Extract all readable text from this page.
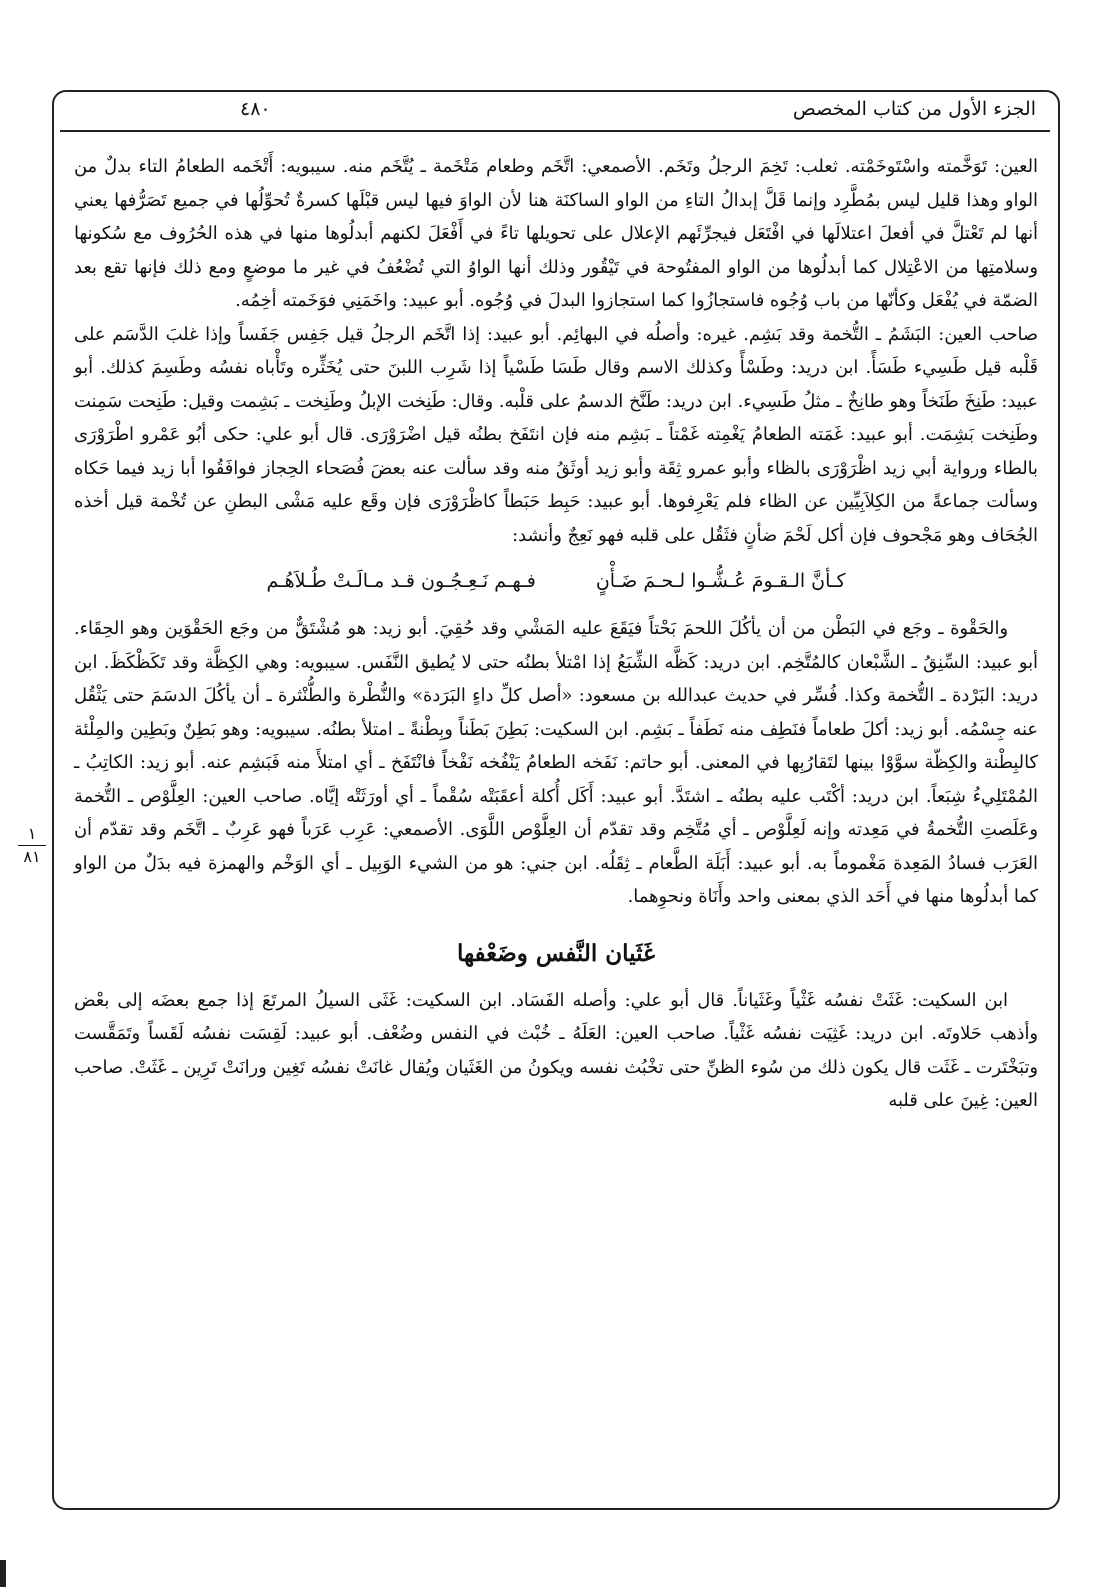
الجزء الأول من كتاب المخصص
٤٨٠
١
٨١

العين: تَوَخَّمته واسْتَوخَمْته. ثعلب: تَخِمَ الرجلُ وتَخَم. الأصمعي: اتَّخَم وطعام مَتْخَمة ـ يُتَّخَم منه. سيبويه: أَتْخَمه الطعامُ التاء بدلٌ من الواو وهذا قليل ليس بمُطَّرِد وإنما قَلَّ إبدالُ التاءِ من الواو الساكنَة هنا لأن الواوَ فيها ليس قبْلَها كسرةٌ تُحوِّلُها في جميع تَصَرُّفها يعني أنها لم تَعْتلَّ في أفعلَ اعتلالَها في افْتَعَل فيجرِّئَهم الإعلال على تحويلها تاءً في أَفْعَلَ لكنهم أبدلُوها منها في هذه الحُرُوف مع سُكونها وسلامتِها من الاعْتِلال كما أبدلُوها من الواو المفتُوحة في تَيْقُور وذلك أنها الواوُ التي تُضْعُفُ في غير ما موضعٍ ومع ذلك فإنها تقع بعد الضمّة في يُفْعَل وكأنّها من باب وُجُوه فاستجازُوا كما استجازوا البدلَ في وُجُوه. أبو عبيد: واخَمَنِي فوَخَمته أخِمُه.

صاحب العين: البَشَمُ ـ التُّخمة وقد بَشِم. غيره: وأصلُه في البهائِم. أبو عبيد: إذا اتَّخَم الرجلُ قيل جَفِس جَفَساً وإذا غلبَ الدَّسَم على قَلْبه قيل طَسِيء طَسَأً. ابن دريد: وطَسْأً وكذلك الاسم وقال طَسَا طَسْياً إذا شَرِب اللبنَ حتى يُخَثِّره وتَأْباه نفسُه وطَسِمَ كذلك. أبو عبيد: طَنِخَ طَنَخاً وهو طانِخٌ ـ مثلُ طَسِيء. ابن دريد: طَنَّخ الدسمُ على قلْبه. وقال: طَنِخت الإبلُ وطَنِخت ـ بَشِمت وقيل: طَنِحت سَمِنت وطَنِخت بَشِمَت. أبو عبيد: غَمَته الطعامُ يَغْمِته غَمْتاً ـ بَشِم منه فإن انتَفَخ بطنُه قيل اضْرَوْرَى. قال أبو علي: حكى أبُو عَمْرو اطْرَوْرَى بالطاء ورواية أبي زيد اظْرَوْرَى بالظاء وأبو عمرو ثِقَة وأبو زيد أوثَقُ منه وقد سألت عنه بعضَ فُصَحاء الحِجاز فوافَقُوا أبا زيد فيما حَكاه وسألت جماعةً من الكِلاَبِيِّين عن الظاء فلم يَعْرِفوها. أبو عبيد: حَبِط حَبَطاً كاظْرَوْرَى فإن وقَع عليه مَشْى البطنِ عن تُخْمة قيل أخذه الجُحَاف وهو مَجْحوف فإن أكل لَحْمَ ضأنٍ فثَقُل على قلبه فهو نَعِجٌ وأنشد:

كـأنَّ الـقـومَ عُـشُّـوا لـحـمَ ضَـأْنٍ
فـهـم نَـعِـجُـون قـد مـالَـتْ طُـلاَهُـم

والحَقْوة ـ وجَع في البَطْن من أن يأكُلَ اللحمَ بَحْتاً فيَقَعَ عليه المَشْي وقد حُقِيَ. أبو زيد: هو مُشْتَقٌّ من وجَع الحَقْوَين وهو الحِقَاء. أبو عبيد: السِّنِقُ ـ الشَّبْعان كالمُتَّخِم. ابن دريد: كَظَّه الشِّبَعُ إذا امْتلأ بطنُه حتى لا يُطيق النَّفَس. سيبويه: وهي الكِظَّة وقد تَكَظْكَظَ. ابن دريد: البَرْدة ـ التُّخمة وكذا. فُسِّر في حديث عبدالله بن مسعود: «أصل كلِّ داءٍ البَرَدة» والنُّطْرة والطُّنْثرة ـ أن يأكُلَ الدسَمَ حتى يَثْقُل عنه جِسْمُه. أبو زيد: أكلَ طعاماً فنَطِف منه نَطَفاً ـ بَشِم. ابن السكيت: بَطِنَ بَطَناً وبِطْنةً ـ امتلأ بطنُه. سيبويه: وهو بَطِنٌ وبَطِين والمِلْئة كالبِطْنة والكِظّة سوَّوْا بينها لتَقارُبِها في المعنى. أبو حاتم: نَفَخه الطعامُ يَنْفُخه نَفْخاً فانْتَفَخ ـ أي امتلأَ منه فَبَشِم عنه. أبو زيد: الكاتِبُ ـ المُمْتَلِيءُ شِبَعاً. ابن دريد: أكْتَب عليه بطنُه ـ اشتَدَّ. أبو عبيد: أَكَل أُكلة أعقَبَتْه سُقْماً ـ أي أورَثَتْه إيَّاه. صاحب العين: العِلَّوْص ـ التُّخمة وعَلَصتِ التُّخمةُ في مَعِدته وإنه لَعِلَّوْص ـ أي مُتَّخِم وقد تقدّم أن العِلَّوْص اللَّوَى. الأصمعي: عَرِب عَرَباً فهو عَرِبٌ ـ اتَّخَم وقد تقدّم أن العَرَب فسادُ المَعِدة مَغْموماً به. أبو عبيد: أَبَلَة الطَّعام ـ ثِقَلُه. ابن جني: هو من الشيء الوَبِيل ـ أي الوَخْم والهمزة فيه بدَلٌ من الواو كما أبدلُوها منها في أَحَد الذي بمعنى واحد وأَنَاة ونحوِهما.

غَثَيان النَّفس وضَعْفها

ابن السكيت: غَثَتْ نفسُه غَثْياً وغَثَياناً. قال أبو علي: وأصله الفَسَاد. ابن السكيت: غَثَى السيلُ المرتَعَ إذا جمع بعضَه إلى بعْض وأذهب حَلاوتَه. ابن دريد: غَثِيَت نفسُه غَثْياً. صاحب العين: العَلَهُ ـ خُبْث في النفس وضُعْف. أبو عبيد: لَقِسَت نفسُه لَقَساً وتَمَقَّست وتبَخْتَرت ـ غَثَت قال يكون ذلك من سُوء الظنِّ حتى تخْبُث نفسه ويكونُ من الغَثَيان ويُقال غانَتْ نفسُه تَغِين ورانَتْ تَرِين ـ غَثَتْ. صاحب العين: غِينَ على قلبه
